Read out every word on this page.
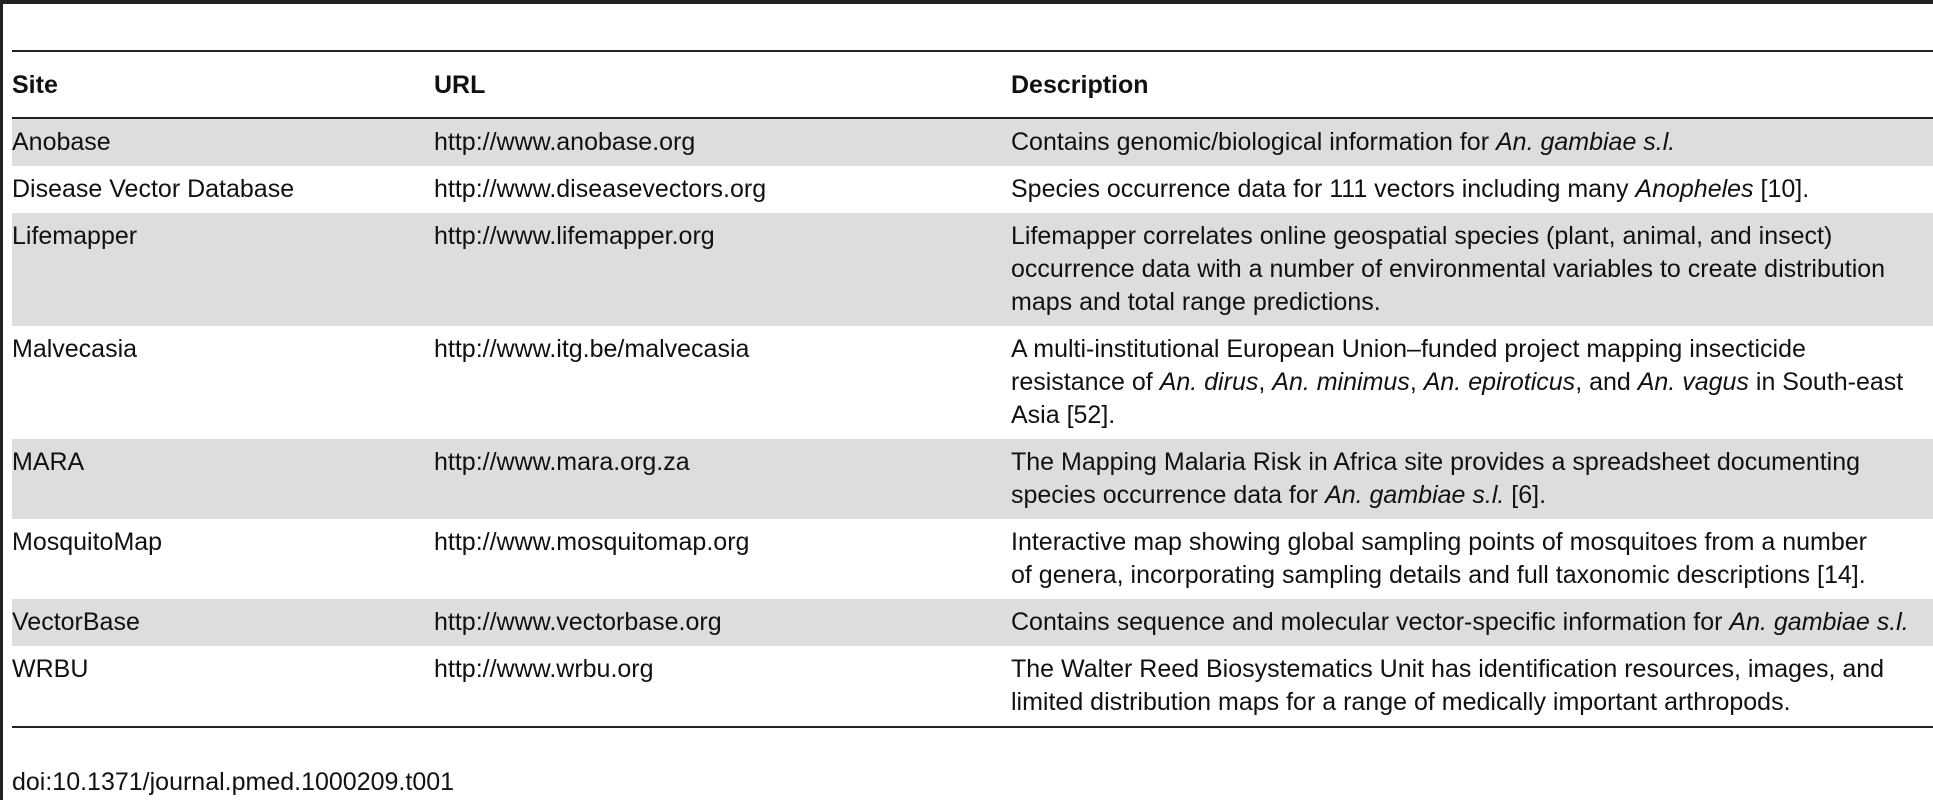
Site	URL	Description

Anobase	http://www.anobase.org	Contains genomic/biological information for An. gambiae s.l.

Disease Vector Database	http://www.diseasevectors.org	Species occurrence data for 111 vectors including many Anopheles [10].

Lifemapper	http://www.lifemapper.org	Lifemapper correlates online geospatial species (plant, animal, and insect)
occurrence data with a number of environmental variables to create distribution
maps and total range predictions.

Malvecasia	http://www.itg.be/malvecasia	A multi-institutional European Union–funded project mapping insecticide
resistance of An. dirus, An. minimus, An. epiroticus, and An. vagus in South-east
Asia [52].

MARA	http://www.mara.org.za	The Mapping Malaria Risk in Africa site provides a spreadsheet documenting
species occurrence data for An. gambiae s.l. [6].

MosquitoMap	http://www.mosquitomap.org	Interactive map showing global sampling points of mosquitoes from a number
of genera, incorporating sampling details and full taxonomic descriptions [14].

VectorBase	http://www.vectorbase.org	Contains sequence and molecular vector-specific information for An. gambiae s.l.

WRBU	http://www.wrbu.org	The Walter Reed Biosystematics Unit has identification resources, images, and
limited distribution maps for a range of medically important arthropods.
doi:10.1371/journal.pmed.1000209.t001
